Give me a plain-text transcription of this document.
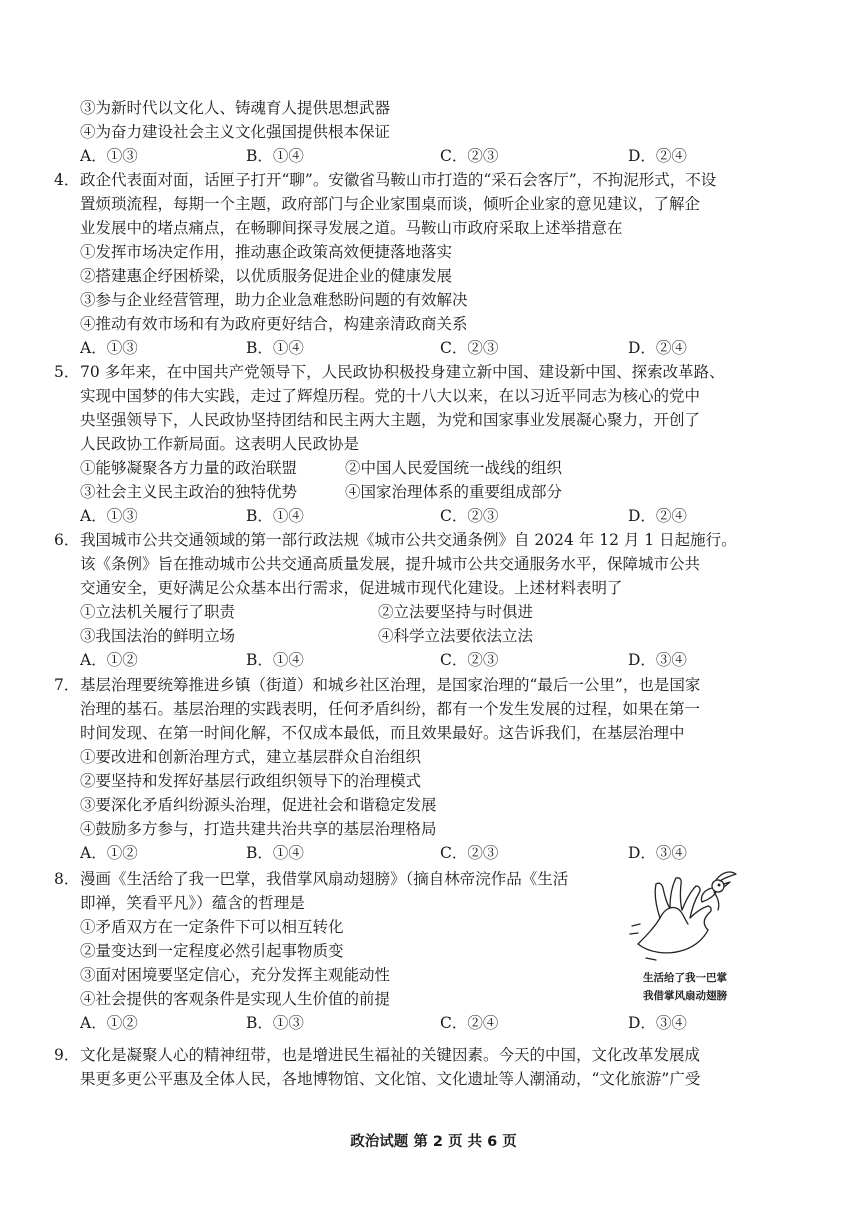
③为新时代以文化人、铸魂育人提供思想武器
④为奋力建设社会主义文化强国提供根本保证
A．①③	B．①④	C．②③	D．②④
4． 政企代表面对面，话匣子打开“聊”。安徽省马鞍山市打造的“采石会客厅”，不拘泥形式，不设
置烦琐流程，每期一个主题，政府部门与企业家围桌而谈，倾听企业家的意见建议，了解企
业发展中的堵点痛点，在畅聊间探寻发展之道。马鞍山市政府采取上述举措意在
①发挥市场决定作用，推动惠企政策高效便捷落地落实
②搭建惠企纾困桥梁，以优质服务促进企业的健康发展
③参与企业经营管理，助力企业急难愁盼问题的有效解决
④推动有效市场和有为政府更好结合，构建亲清政商关系
A．①③	B．①④	C．②③	D．②④
5． 70 多年来，在中国共产党领导下，人民政协积极投身建立新中国、建设新中国、探索改革路、
实现中国梦的伟大实践，走过了辉煌历程。党的十八大以来，在以习近平同志为核心的党中
央坚强领导下，人民政协坚持团结和民主两大主题，为党和国家事业发展凝心聚力，开创了
人民政协工作新局面。这表明人民政协是
①能够凝聚各方力量的政治联盟	②中国人民爱国统一战线的组织
③社会主义民主政治的独特优势	④国家治理体系的重要组成部分
A．①③	B．①④	C．②③	D．②④
6． 我国城市公共交通领域的第一部行政法规《城市公共交通条例》自 2024 年 12 月 1 日起施行。
该《条例》旨在推动城市公共交通高质量发展，提升城市公共交通服务水平，保障城市公共
交通安全，更好满足公众基本出行需求，促进城市现代化建设。上述材料表明了
①立法机关履行了职责	②立法要坚持与时俱进
③我国法治的鲜明立场	④科学立法要依法立法
A．①②	B．①④	C．②③	D．③④
7． 基层治理要统筹推进乡镇（街道）和城乡社区治理，是国家治理的“最后一公里”，也是国家
治理的基石。基层治理的实践表明，任何矛盾纠纷，都有一个发生发展的过程，如果在第一
时间发现、在第一时间化解，不仅成本最低，而且效果最好。这告诉我们，在基层治理中
①要改进和创新治理方式，建立基层群众自治组织
②要坚持和发挥好基层行政组织领导下的治理模式
③要深化矛盾纠纷源头治理，促进社会和谐稳定发展
④鼓励多方参与，打造共建共治共享的基层治理格局
A．①②	B．①④	C．②③	D．③④
8． 漫画《生活给了我一巴掌，我借掌风扇动翅膀》（摘自林帝浣作品《生活
即禅，笑看平凡》）蕴含的哲理是
①矛盾双方在一定条件下可以相互转化
②量变达到一定程度必然引起事物质变
③面对困境要坚定信心，充分发挥主观能动性
④社会提供的客观条件是实现人生价值的前提
A．①②	B．①③	C．②④	D．③④
生活给了我一巴掌
我借掌风扇动翅膀
9． 文化是凝聚人心的精神纽带，也是增进民生福祉的关键因素。今天的中国，文化改革发展成
果更多更公平惠及全体人民，各地博物馆、文化馆、文化遗址等人潮涌动，“文化旅游”广受
政治试题 第 2 页 共 6 页
